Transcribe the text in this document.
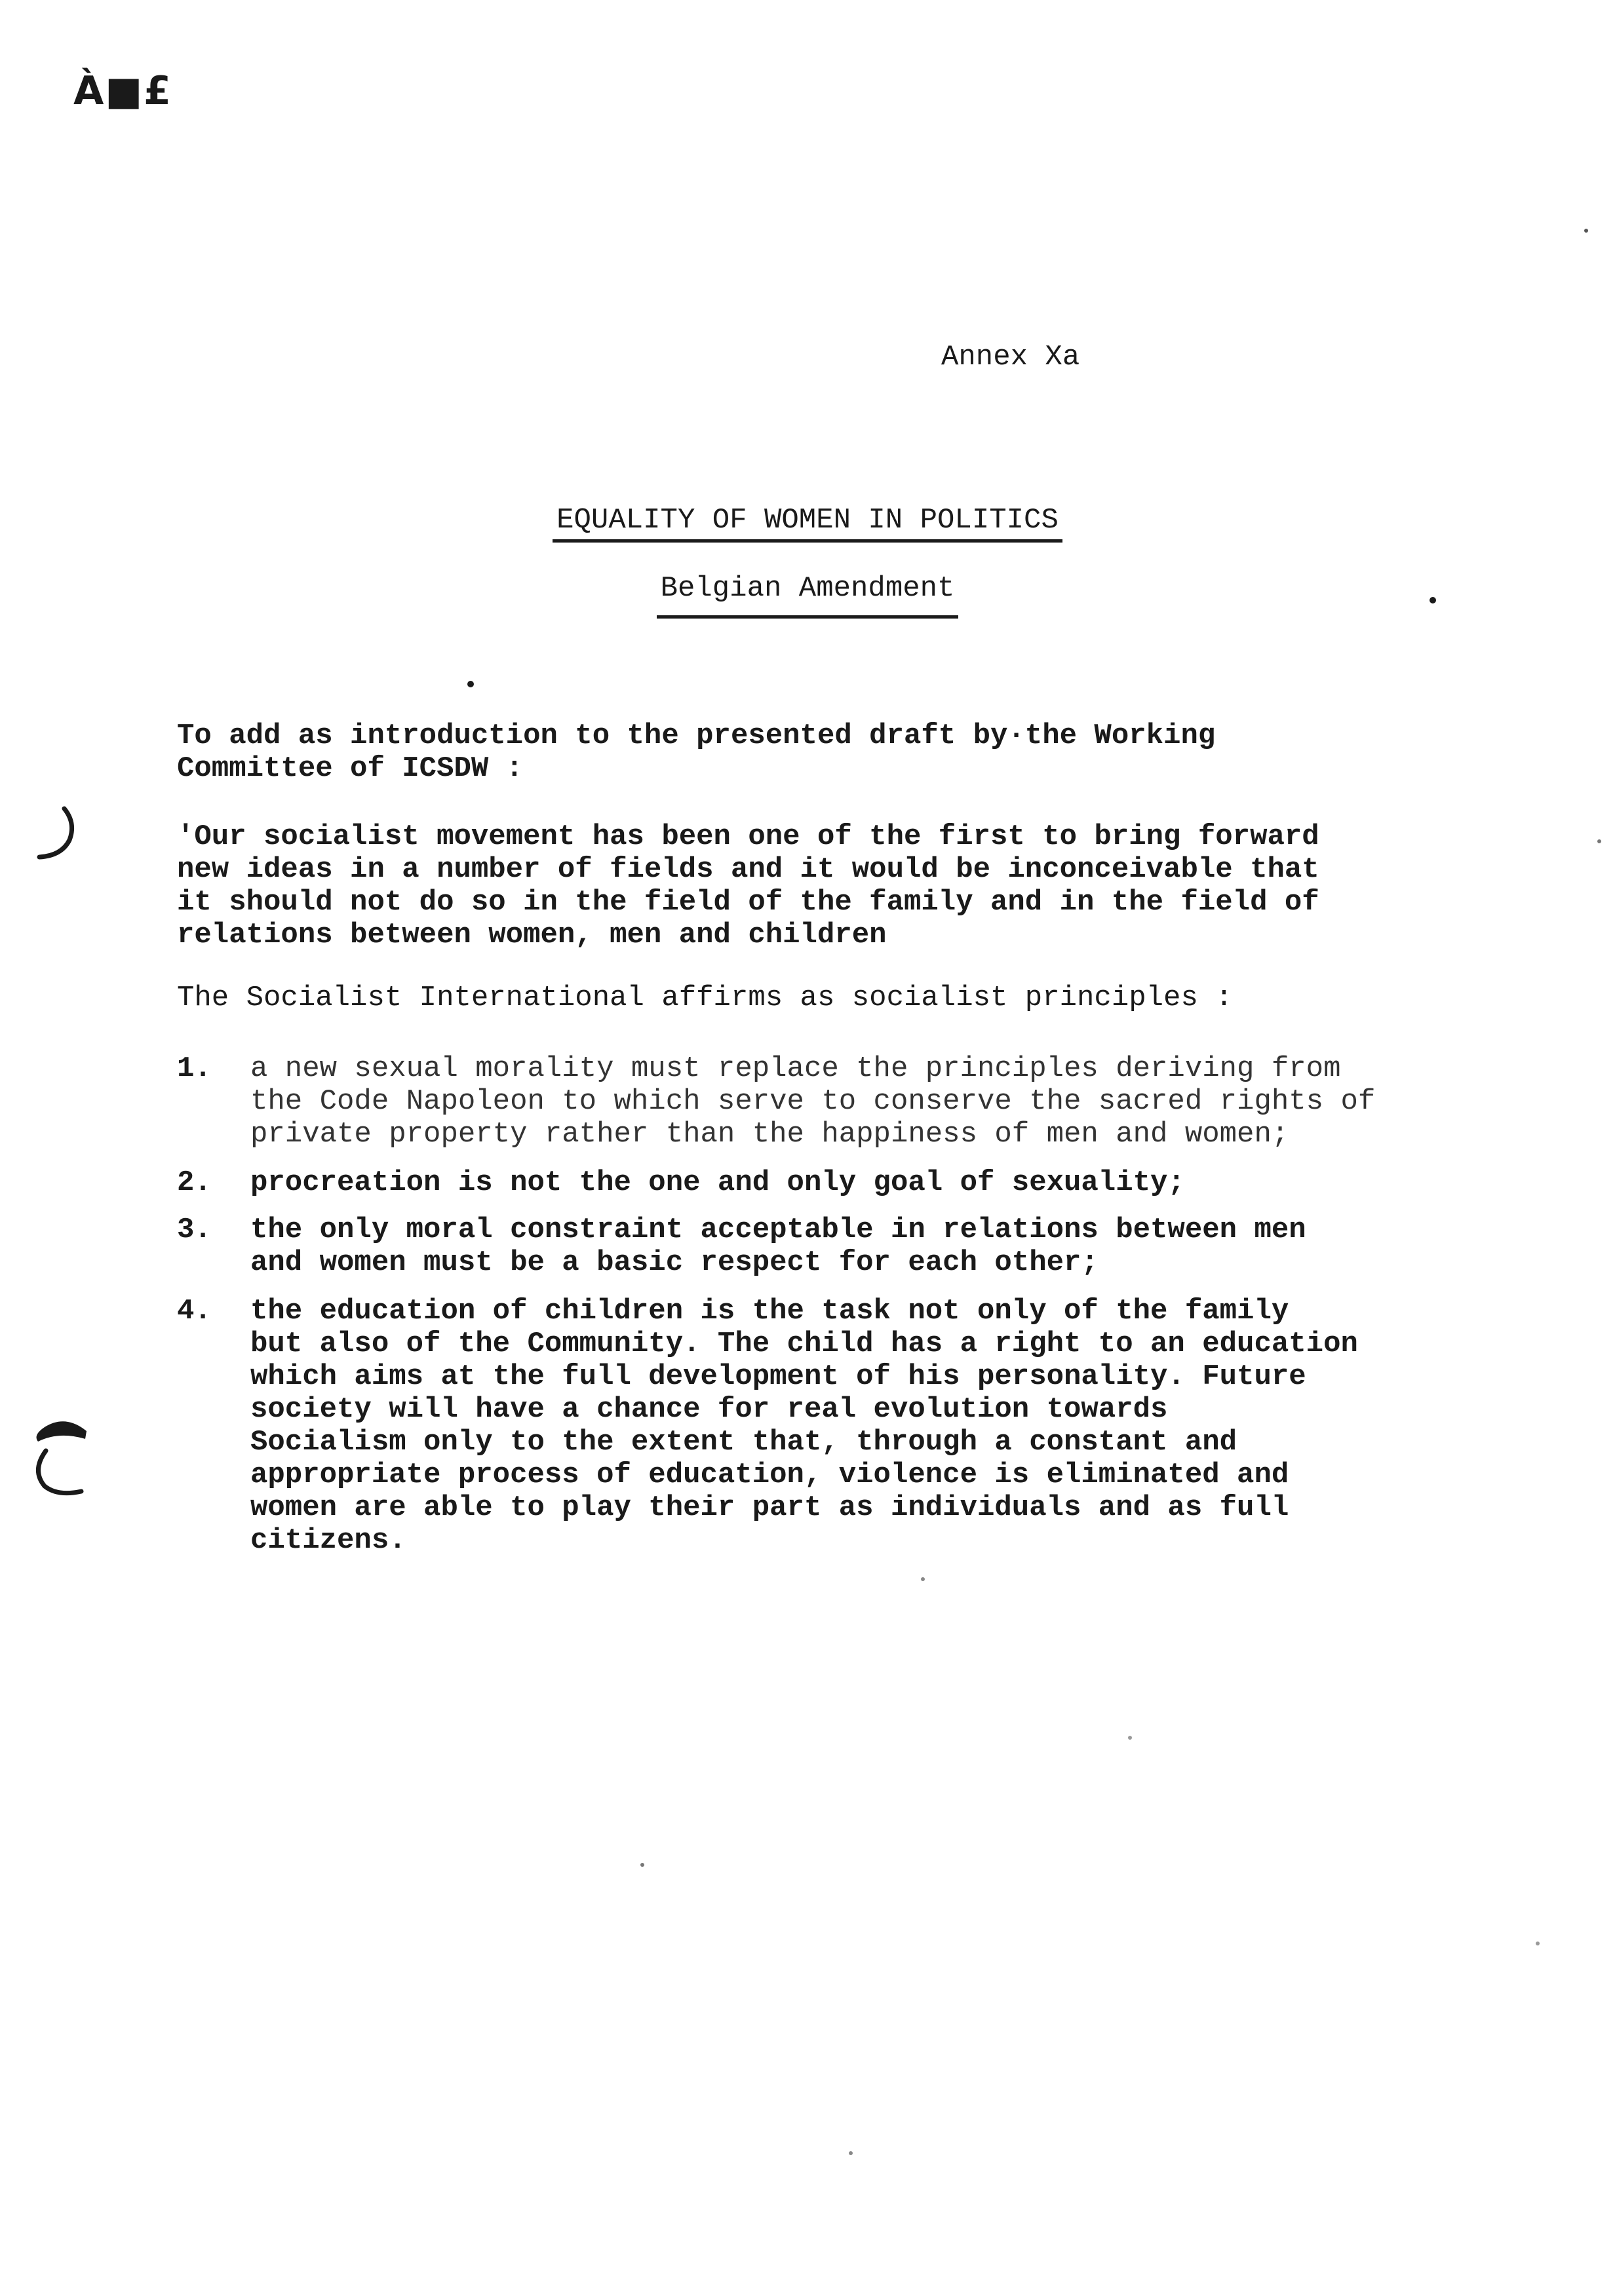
À■£
Annex Xa
EQUALITY OF WOMEN IN POLITICS
Belgian Amendment
To add as introduction to the presented draft by·the Working
Committee of ICSDW :
'Our socialist movement has been one of the first to bring forward
new ideas in a number of fields and it would be inconceivable that
it should not do so in the field of the family and in the field of
relations between women, men and children
The Socialist International affirms as socialist principles :
1. a new sexual morality must replace the principles deriving from
the Code Napoleon to which serve to conserve the sacred rights of
private property rather than the happiness of men and women;
2. procreation is not the one and only goal of sexuality;
3. the only moral constraint acceptable in relations between men
and women must be a basic respect for each other;
4. the education of children is the task not only of the family
but also of the Community. The child has a right to an education
which aims at the full development of his personality. Future
society will have a chance for real evolution towards
Socialism only to the extent that, through a constant and
appropriate process of education, violence is eliminated and
women are able to play their part as individuals and as full
citizens.
